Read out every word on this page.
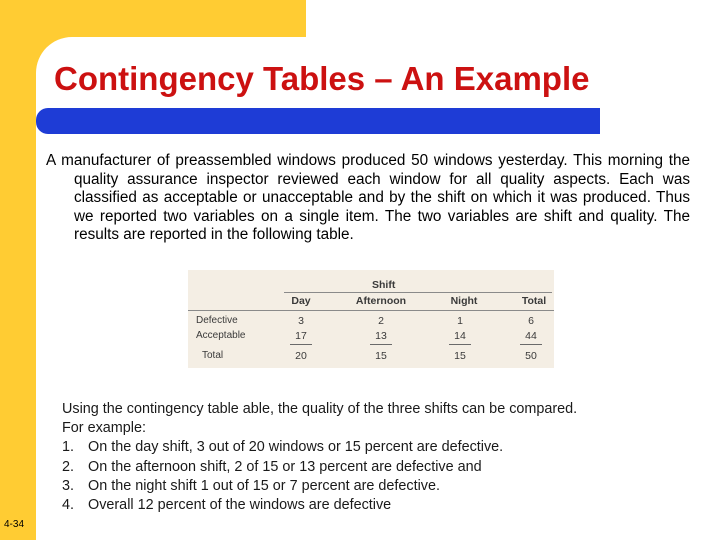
Contingency Tables – An Example
A manufacturer of preassembled windows produced 50 windows yesterday. This morning the quality assurance inspector reviewed each window for all quality aspects. Each was classified as acceptable or unacceptable and by the shift on which it was produced. Thus we reported two variables on a single item. The two variables are shift and quality. The results are reported in the following table.
Shift
Day	Afternoon	Night	Total
Defective	3	2	1	6
Acceptable	17	13	14	44
Total	20	15	15	50
Using the contingency table able, the quality of the three shifts can be compared. For example:
1. On the day shift, 3 out of 20 windows or 15 percent are defective.
2. On the afternoon shift, 2 of 15 or 13 percent are defective and
3. On the night shift 1 out of 15 or 7 percent are defective.
4. Overall 12 percent of the windows are defective
4-34
